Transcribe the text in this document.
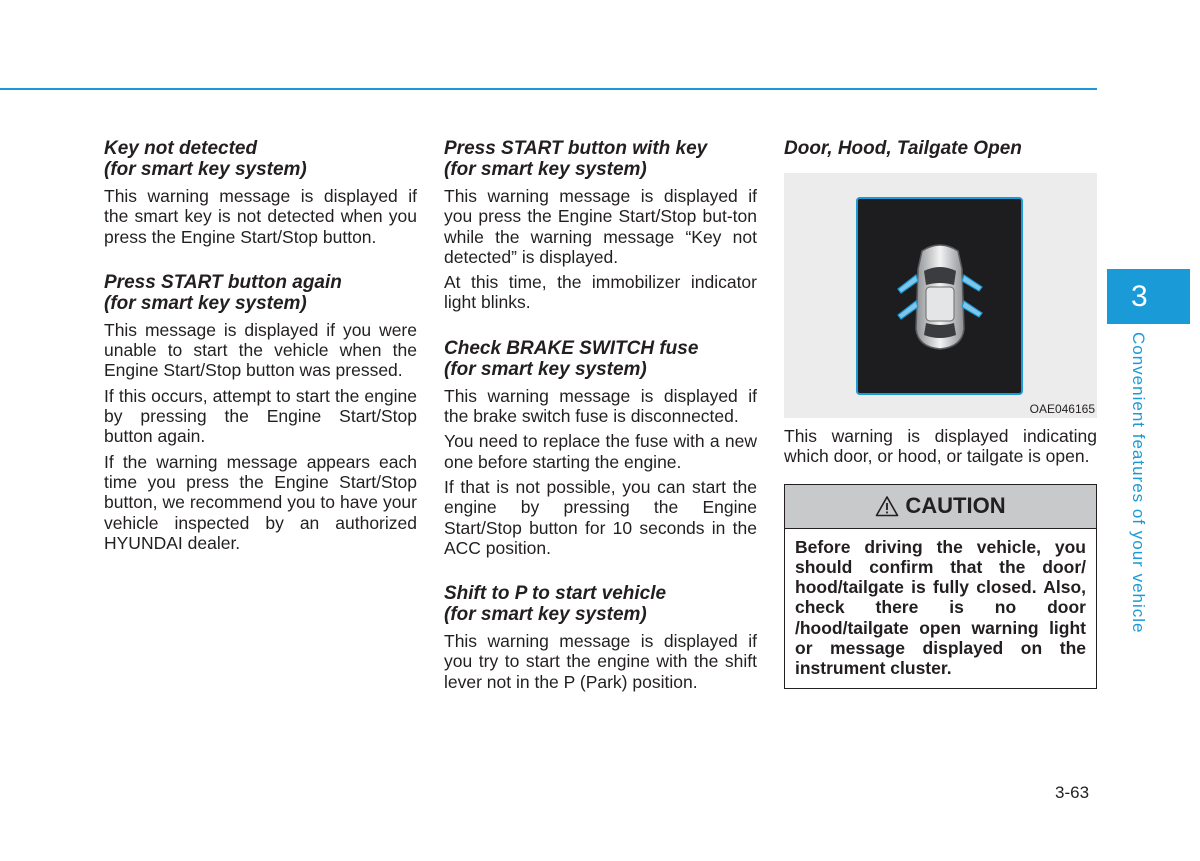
Key not detected
(for smart key system)

This warning message is displayed if the smart key is not detected when you press the Engine Start/Stop button.

Press START button again
(for smart key system)

This message is displayed if you were unable to start the vehicle when the Engine Start/Stop button was pressed.

If this occurs, attempt to start the engine by pressing the Engine Start/Stop button again.

If the warning message appears each time you press the Engine Start/Stop button, we recommend you to have your vehicle inspected by an authorized HYUNDAI dealer.

Press START button with key
(for smart key system)

This warning message is displayed if you press the Engine Start/Stop but-ton while the warning message “Key not detected” is displayed.

At this time, the immobilizer indicator light blinks.

Check BRAKE SWITCH fuse
(for smart key system)

This warning message is displayed if the brake switch fuse is disconnected.

You need to replace the fuse with a new one before starting the engine.

If that is not possible, you can start the engine by pressing the Engine Start/Stop button for 10 seconds in the ACC position.

Shift to P to start vehicle
(for smart key system)

This warning message is displayed if you try to start the engine with the shift lever not in the P (Park) position.

Door, Hood, Tailgate Open
OAE046165

This warning is displayed indicating which door, or hood, or tailgate is open.

CAUTION
Before driving the vehicle, you should confirm that the door/ hood/tailgate is fully closed. Also, check there is no door /hood/tailgate open warning light or message displayed on the instrument cluster.
3
Convenient features of your vehicle
3-63
